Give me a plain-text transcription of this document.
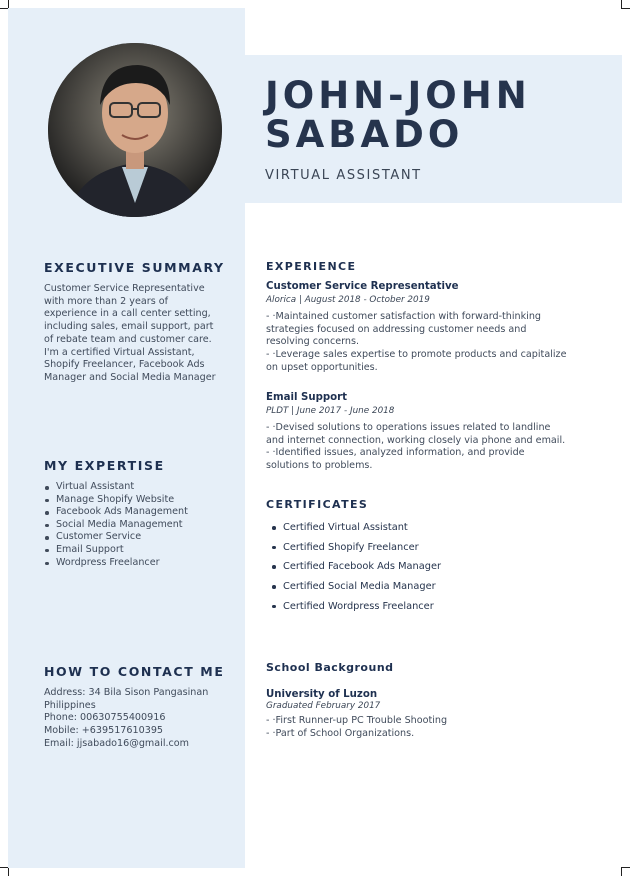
JOHN-JOHN
SABADO
VIRTUAL ASSISTANT
EXECUTIVE SUMMARY
Customer Service Representative
with more than 2 years of
experience in a call center setting,
including sales, email support, part
of rebate team and customer care.
I'm a certified Virtual Assistant,
Shopify Freelancer, Facebook Ads
Manager and Social Media Manager
MY EXPERTISE
Virtual Assistant
Manage Shopify Website
Facebook Ads Management
Social Media Management
Customer Service
Email Support
Wordpress Freelancer
HOW TO CONTACT ME
Address: 34 Bila Sison Pangasinan
Philippines
Phone: 00630755400916
Mobile: +639517610395
Email: jjsabado16@gmail.com
EXPERIENCE
Customer Service Representative
Alorica | August 2018 - October 2019
- ·Maintained customer satisfaction with forward-thinking
strategies focused on addressing customer needs and
resolving concerns.
- ·Leverage sales expertise to promote products and capitalize
on upset opportunities.
Email Support
PLDT | June 2017 - June 2018
- ·Devised solutions to operations issues related to landline
and internet connection, working closely via phone and email.
- ·Identified issues, analyzed information, and provide
solutions to problems.
CERTIFICATES
Certified Virtual Assistant
Certified Shopify Freelancer
Certified Facebook Ads Manager
Certified Social Media Manager
Certified Wordpress Freelancer
School Background
University of Luzon
Graduated February 2017
- ·First Runner-up PC Trouble Shooting
- ·Part of School Organizations.
